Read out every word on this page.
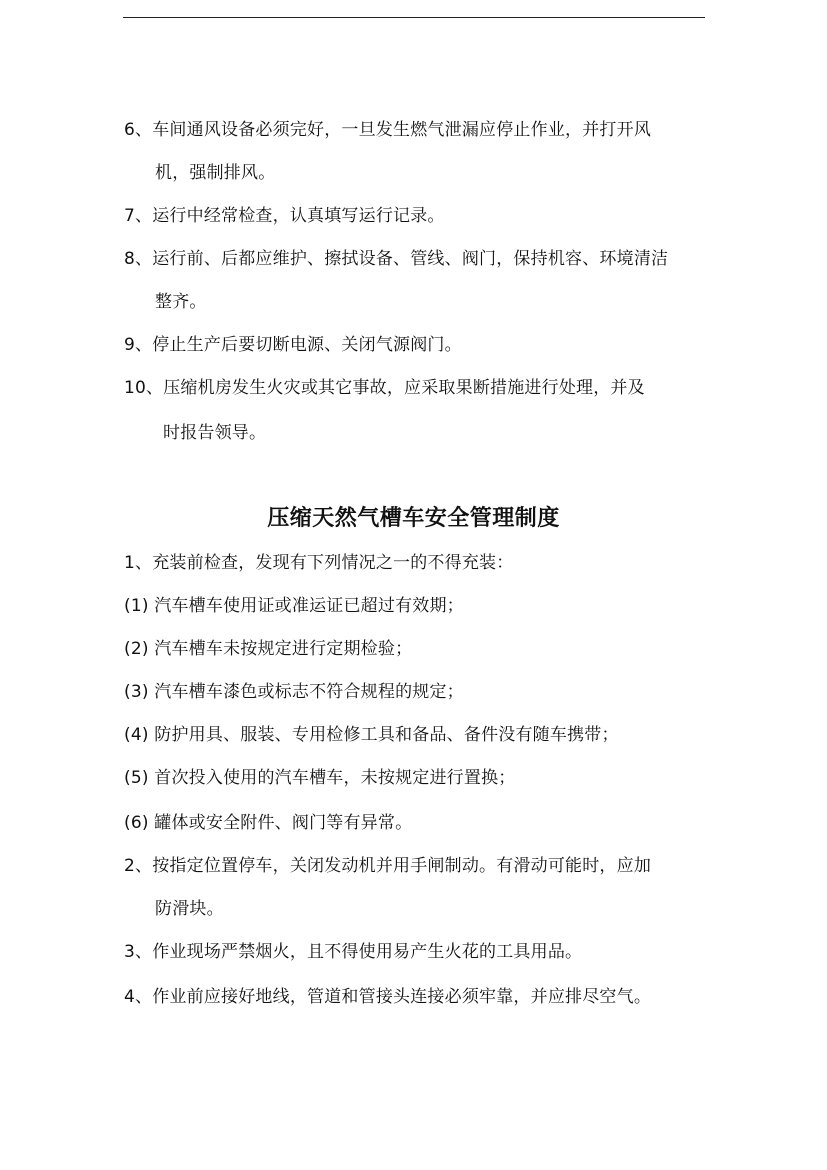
6、车间通风设备必须完好，一旦发生燃气泄漏应停止作业，并打开风
机，强制排风。
7、运行中经常检查，认真填写运行记录。
8、运行前、后都应维护、擦拭设备、管线、阀门，保持机容、环境清洁
整齐。
9、停止生产后要切断电源、关闭气源阀门。
10、压缩机房发生火灾或其它事故，应采取果断措施进行处理，并及
时报告领导。
压缩天然气槽车安全管理制度
1、充装前检查，发现有下列情况之一的不得充装：
(1) 汽车槽车使用证或准运证已超过有效期；
(2) 汽车槽车未按规定进行定期检验；
(3) 汽车槽车漆色或标志不符合规程的规定；
(4) 防护用具、服装、专用检修工具和备品、备件没有随车携带；
(5) 首次投入使用的汽车槽车，未按规定进行置换；
(6) 罐体或安全附件、阀门等有异常。
2、按指定位置停车，关闭发动机并用手闸制动。有滑动可能时，应加
防滑块。
3、作业现场严禁烟火，且不得使用易产生火花的工具用品。
4、作业前应接好地线，管道和管接头连接必须牢靠，并应排尽空气。
